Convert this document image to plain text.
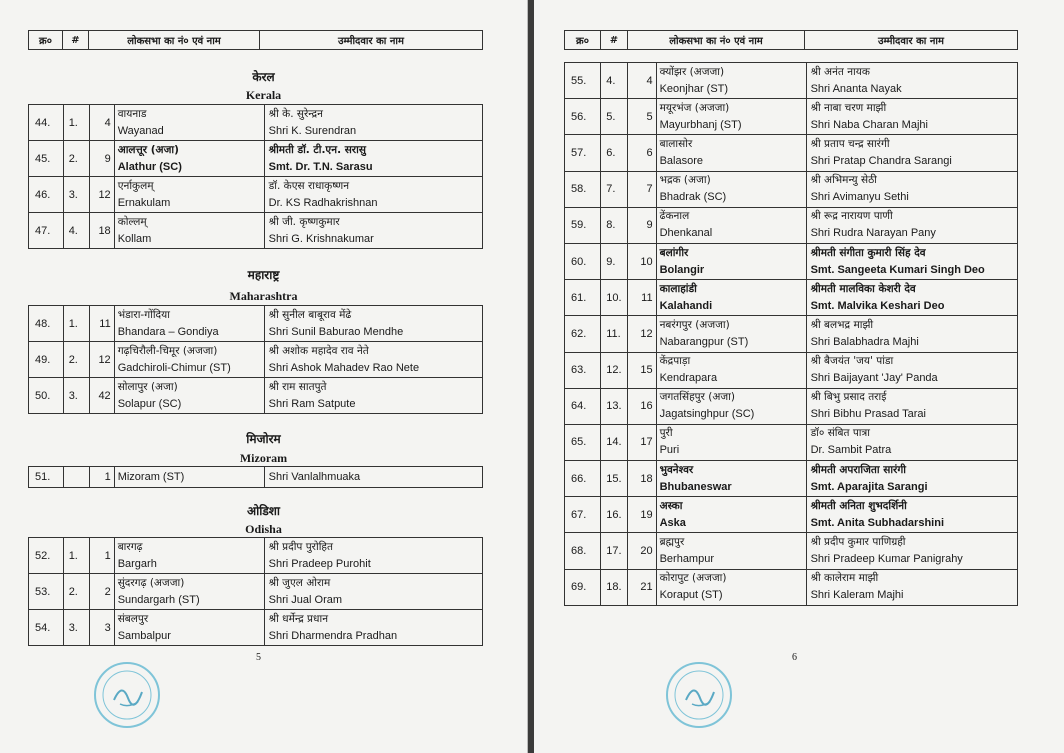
क्र०	#	लोकसभा का नं० एवं नाम	उम्मीदवार का नाम
केरल
Kerala
44.	1.	4	वायनाड
Wayanad	श्री के. सुरेन्द्रन
Shri K. Surendran

45.	2.	9	आलत्तूर (अजा)
Alathur (SC)	श्रीमती डॉ. टी.एन. सरासु
Smt. Dr. T.N. Sarasu

46.	3.	12	एर्नाकुलम्
Ernakulam	डॉ. केएस राधाकृष्णन
Dr. KS Radhakrishnan

47.	4.	18	कोल्लम्
Kollam	श्री जी. कृष्णकुमार
Shri G. Krishnakumar
महाराष्ट्र
Maharashtra
48.	1.	11	भंडारा-गोंदिया
Bhandara – Gondiya	श्री सुनील बाबूराव मेंढे
Shri Sunil Baburao Mendhe

49.	2.	12	गढ़चिरौली-चिमूर (अजजा)
Gadchiroli-Chimur (ST)	श्री अशोक महादेव राव नेते
Shri Ashok Mahadev Rao Nete

50.	3.	42	सोलापुर (अजा)
Solapur (SC)	श्री राम सातपुते
Shri Ram Satpute
मिजोरम
Mizoram
51.		1	Mizoram (ST)	Shri Vanlalhmuaka
ओडिशा
Odisha
52.	1.	1	बारगढ़
Bargarh	श्री प्रदीप पुरोहित
Shri Pradeep Purohit

53.	2.	2	सुंदरगढ़ (अजजा)
Sundargarh (ST)	श्री जुएल ओराम
Shri Jual Oram

54.	3.	3	संबलपुर
Sambalpur	श्री धर्मेन्द्र प्रधान
Shri Dharmendra Pradhan
5
क्र०	#	लोकसभा का नं० एवं नाम	उम्मीदवार का नाम
55.	4.	4	क्योंझर (अजजा)
Keonjhar (ST)	श्री अनंत नायक
Shri Ananta Nayak

56.	5.	5	मयूरभंज (अजजा)
Mayurbhanj (ST)	श्री नाबा चरण माझी
Shri Naba Charan Majhi

57.	6.	6	बालासोर
Balasore	श्री प्रताप चन्द्र सारंगी
Shri Pratap Chandra Sarangi

58.	7.	7	भद्रक (अजा)
Bhadrak (SC)	श्री अभिमन्यु सेठी
Shri Avimanyu Sethi

59.	8.	9	ढेंकनाल
Dhenkanal	श्री रूद्र नारायण पाणी
Shri Rudra Narayan Pany

60.	9.	10	बलांगीर
Bolangir	श्रीमती संगीता कुमारी सिंह देव
Smt. Sangeeta Kumari Singh Deo

61.	10.	11	कालाहांडी
Kalahandi	श्रीमती मालविका केशरी देव
Smt. Malvika Keshari Deo

62.	11.	12	नबरंगपुर (अजजा)
Nabarangpur (ST)	श्री बलभद्र माझी
Shri Balabhadra Majhi

63.	12.	15	केंद्रपाड़ा
Kendrapara	श्री बैजयंत 'जय' पांडा
Shri Baijayant 'Jay' Panda

64.	13.	16	जगतसिंहपुर (अजा)
Jagatsinghpur (SC)	श्री बिभु प्रसाद तराई
Shri Bibhu Prasad Tarai

65.	14.	17	पुरी
Puri	डॉ० संबित पात्रा
Dr. Sambit Patra

66.	15.	18	भुवनेश्वर
Bhubaneswar	श्रीमती अपराजिता सारंगी
Smt. Aparajita Sarangi

67.	16.	19	अस्का
Aska	श्रीमती अनिता शुभदर्शिनी
Smt. Anita Subhadarshini

68.	17.	20	ब्रह्मपुर
Berhampur	श्री प्रदीप कुमार पाणिग्रही
Shri Pradeep Kumar Panigrahy

69.	18.	21	कोरापुट (अजजा)
Koraput (ST)	श्री कालेराम माझी
Shri Kaleram Majhi
6
